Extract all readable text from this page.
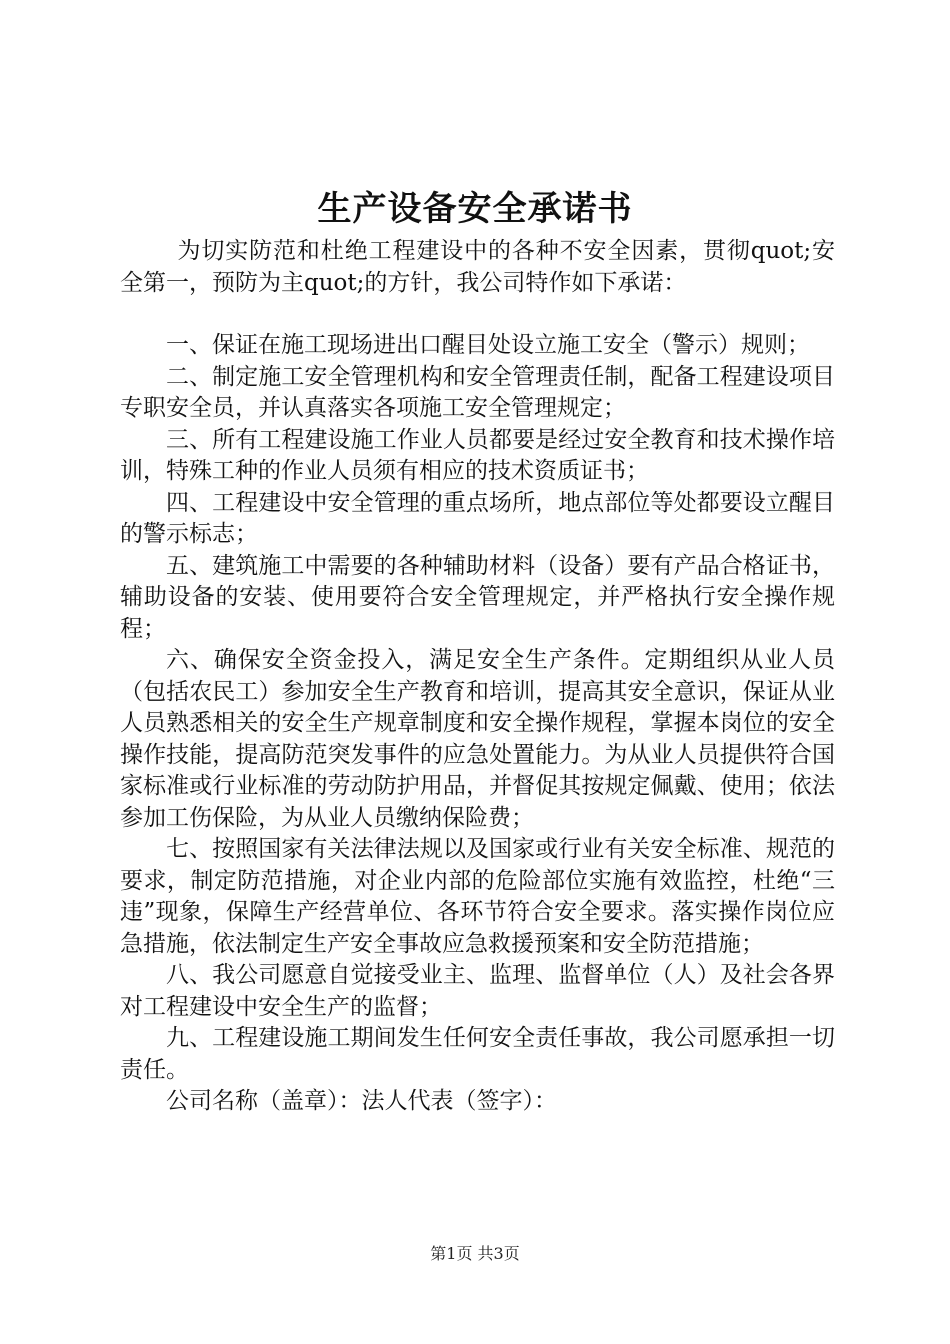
生产设备安全承诺书

为切实防范和杜绝工程建设中的各种不安全因素，贯彻quot;安全第一，预防为主quot;的方针，我公司特作如下承诺：

一、保证在施工现场进出口醒目处设立施工安全（警示）规则；

二、制定施工安全管理机构和安全管理责任制，配备工程建设项目专职安全员，并认真落实各项施工安全管理规定；

三、所有工程建设施工作业人员都要是经过安全教育和技术操作培训，特殊工种的作业人员须有相应的技术资质证书；

四、工程建设中安全管理的重点场所，地点部位等处都要设立醒目的警示标志；

五、建筑施工中需要的各种辅助材料（设备）要有产品合格证书，辅助设备的安装、使用要符合安全管理规定，并严格执行安全操作规程；

六、确保安全资金投入，满足安全生产条件。定期组织从业人员（包括农民工）参加安全生产教育和培训，提高其安全意识，保证从业人员熟悉相关的安全生产规章制度和安全操作规程，掌握本岗位的安全操作技能，提高防范突发事件的应急处置能力。为从业人员提供符合国家标准或行业标准的劳动防护用品，并督促其按规定佩戴、使用；依法参加工伤保险，为从业人员缴纳保险费；

七、按照国家有关法律法规以及国家或行业有关安全标准、规范的要求，制定防范措施，对企业内部的危险部位实施有效监控，杜绝“三违”现象，保障生产经营单位、各环节符合安全要求。落实操作岗位应急措施，依法制定生产安全事故应急救援预案和安全防范措施；

八、我公司愿意自觉接受业主、监理、监督单位（人）及社会各界对工程建设中安全生产的监督；

九、工程建设施工期间发生任何安全责任事故，我公司愿承担一切责任。

公司名称（盖章）：法人代表（签字）：

第1页 共3页
